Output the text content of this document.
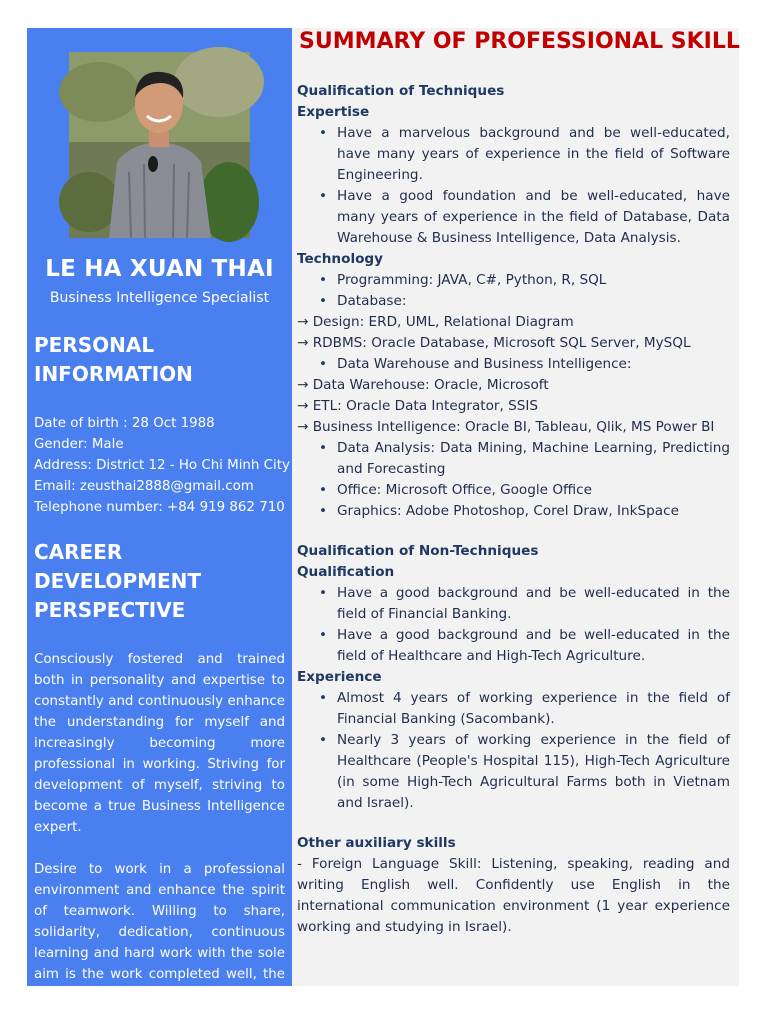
LE HA XUAN THAI
Business Intelligence Specialist
PERSONAL
INFORMATION
Date of birth : 28 Oct 1988
Gender: Male
Address: District 12 - Ho Chi Minh City
Email: zeusthai2888@gmail.com
Telephone number: +84 919 862 710
CAREER
DEVELOPMENT
PERSPECTIVE
Consciously fostered and trained both in personality and expertise to constantly and continuously enhance the understanding for myself and increasingly becoming more professional in working. Striving for development of myself, striving to become a true Business Intelligence expert.
Desire to work in a professional environment and enhance the spirit of teamwork. Willing to share, solidarity, dedication, continuous learning and hard work with the sole aim is the work completed well, the company
SUMMARY OF PROFESSIONAL SKILL
Qualification of Techniques
Expertise
• Have a marvelous background and be well-educated, have many years of experience in the field of Software Engineering.
• Have a good foundation and be well-educated, have many years of experience in the field of Database, Data Warehouse & Business Intelligence, Data Analysis.
Technology
• Programming: JAVA, C#, Python, R, SQL
• Database:
→ Design: ERD, UML, Relational Diagram
→ RDBMS: Oracle Database, Microsoft SQL Server, MySQL
• Data Warehouse and Business Intelligence:
→ Data Warehouse: Oracle, Microsoft
→ ETL: Oracle Data Integrator, SSIS
→ Business Intelligence: Oracle BI, Tableau, Qlik, MS Power BI
• Data Analysis: Data Mining, Machine Learning, Predicting and Forecasting
• Office: Microsoft Office, Google Office
• Graphics: Adobe Photoshop, Corel Draw, InkSpace
Qualification of Non-Techniques
Qualification
• Have a good background and be well-educated in the field of Financial Banking.
• Have a good background and be well-educated in the field of Healthcare and High-Tech Agriculture.
Experience
• Almost 4 years of working experience in the field of Financial Banking (Sacombank).
• Nearly 3 years of working experience in the field of Healthcare (People's Hospital 115), High-Tech Agriculture (in some High-Tech Agricultural Farms both in Vietnam and Israel).
Other auxiliary skills
- Foreign Language Skill: Listening, speaking, reading and writing English well. Confidently use English in the international communication environment (1 year experience working and studying in Israel).
